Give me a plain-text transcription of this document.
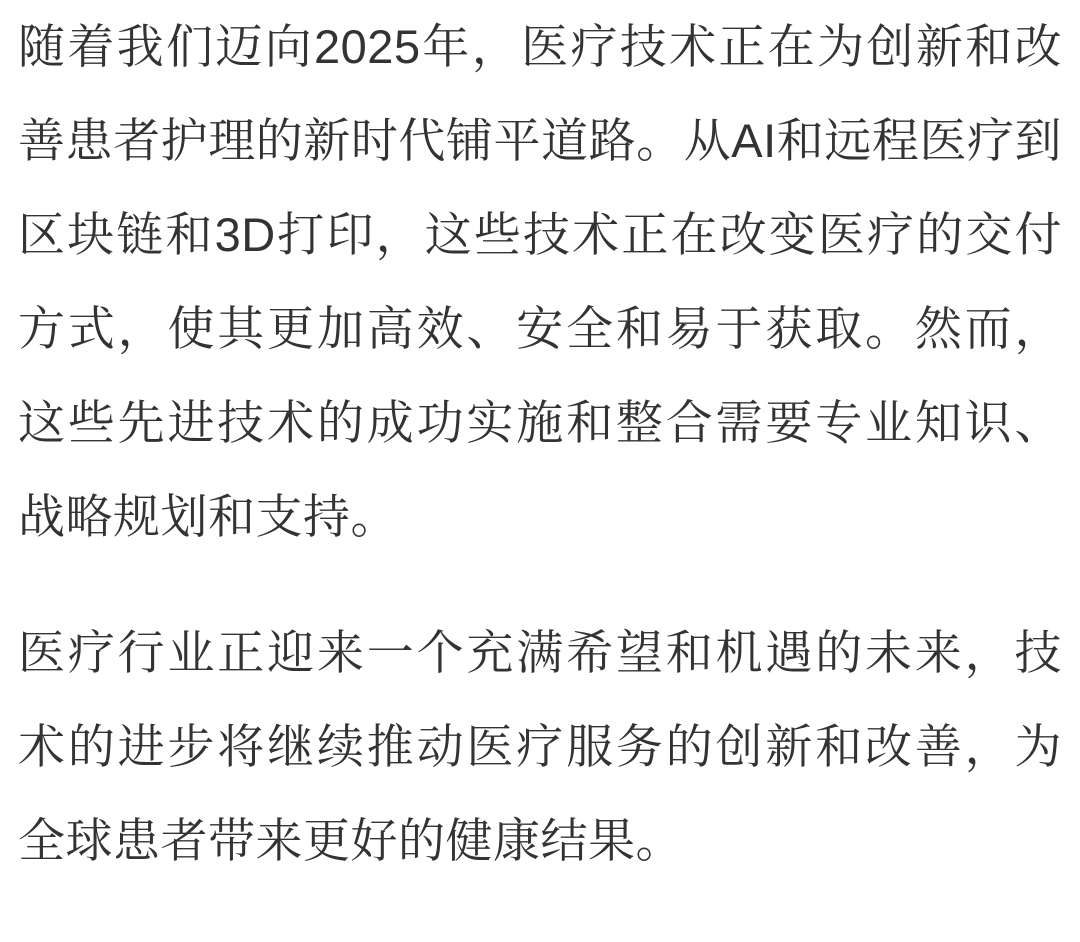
随着我们迈向2025年，医疗技术正在为创新和改善患者护理的新时代铺平道路。从AI和远程医疗到区块链和3D打印，这些技术正在改变医疗的交付方式，使其更加高效、安全和易于获取。然而，这些先进技术的成功实施和整合需要专业知识、战略规划和支持。

医疗行业正迎来一个充满希望和机遇的未来，技术的进步将继续推动医疗服务的创新和改善，为全球患者带来更好的健康结果。
